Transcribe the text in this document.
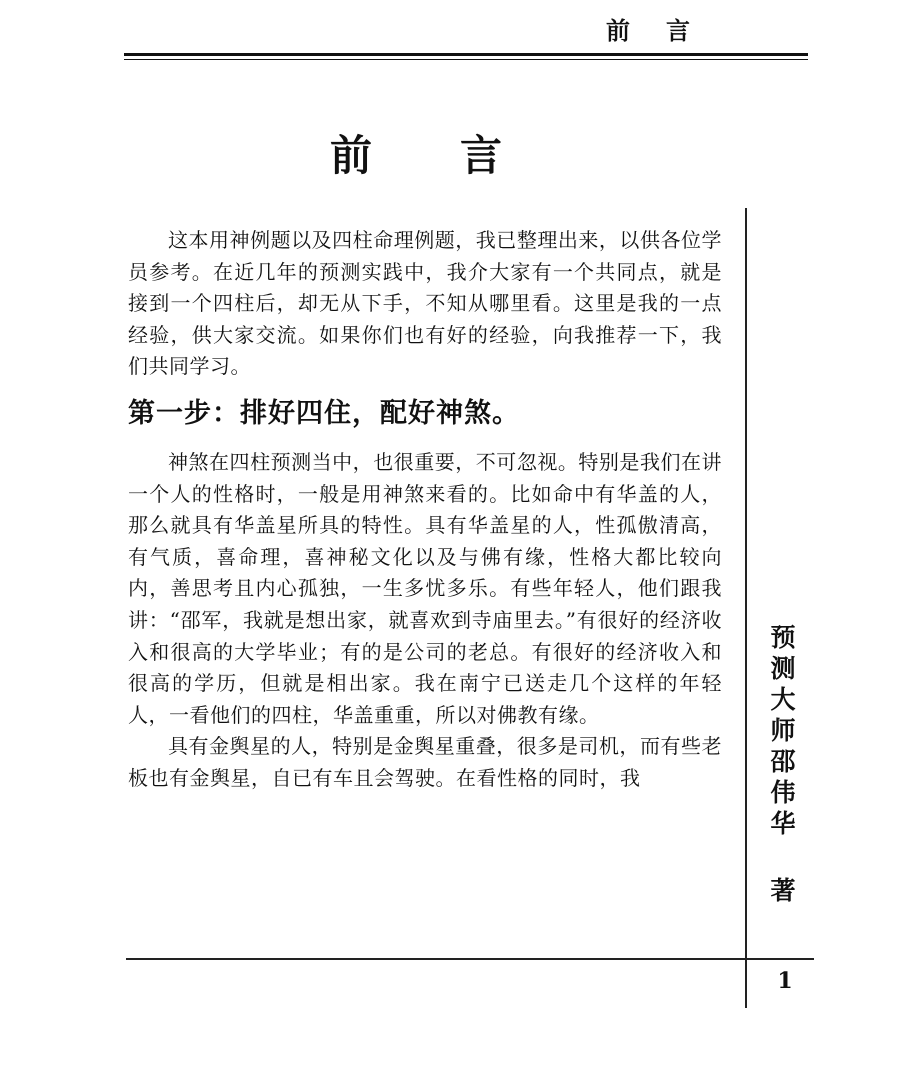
前言
前言

这本用神例题以及四柱命理例题，我已整理出来，以供各位学员参考。在近几年的预测实践中，我介大家有一个共同点，就是接到一个四柱后，却无从下手，不知从哪里看。这里是我的一点经验，供大家交流。如果你们也有好的经验，向我推荐一下，我们共同学习。

第一步：排好四住，配好神煞。

神煞在四柱预测当中，也很重要，不可忽视。特别是我们在讲一个人的性格时，一般是用神煞来看的。比如命中有华盖的人，那么就具有华盖星所具的特性。具有华盖星的人，性孤傲清高，有气质，喜命理，喜神秘文化以及与佛有缘，性格大都比较向内，善思考且内心孤独，一生多忧多乐。有些年轻人，他们跟我讲：“邵军，我就是想出家，就喜欢到寺庙里去。”有很好的经济收入和很高的大学毕业；有的是公司的老总。有很好的经济收入和很高的学历，但就是相出家。我在南宁已送走几个这样的年轻人，一看他们的四柱，华盖重重，所以对佛教有缘。

具有金舆星的人，特别是金舆星重叠，很多是司机，而有些老板也有金舆星，自已有车且会驾驶。在看性格的同时，我

预测大师邵伟华
著
1
